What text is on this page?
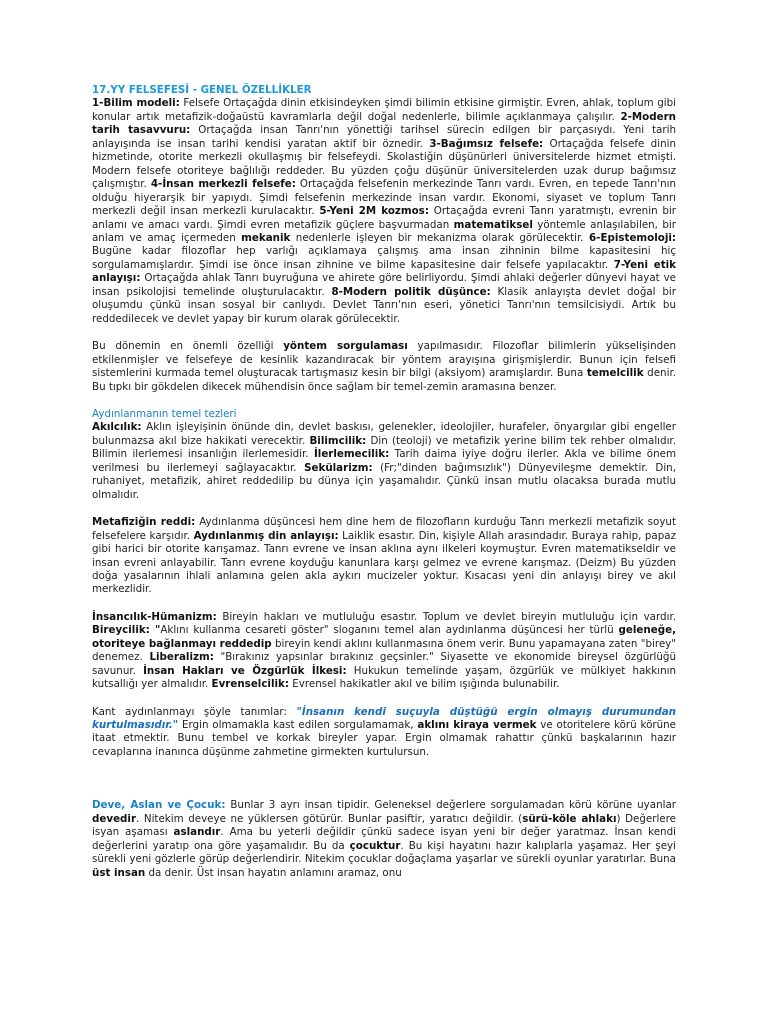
17.YY FELSEFESİ - GENEL ÖZELLİKLER

1-Bilim modeli: Felsefe Ortaçağda dinin etkisindeyken şimdi bilimin etkisine girmiştir. Evren, ahlak, toplum gibi konular artık metafizik-doğaüstü kavramlarla değil doğal nedenlerle, bilimle açıklanmaya çalışılır. 2-Modern tarih tasavvuru: Ortaçağda insan Tanrı'nın yönettiği tarihsel sürecin edilgen bir parçasıydı. Yeni tarih anlayışında ise insan tarihi kendisi yaratan aktif bir öznedir. 3-Bağımsız felsefe: Ortaçağda felsefe dinin hizmetinde, otorite merkezli okullaşmış bir felsefeydi. Skolastiğin düşünürleri üniversitelerde hizmet etmişti. Modern felsefe otoriteye bağlılığı reddeder. Bu yüzden çoğu düşünür üniversitelerden uzak durup bağımsız çalışmıştır. 4-İnsan merkezli felsefe: Ortaçağda felsefenin merkezinde Tanrı vardı. Evren, en tepede Tanrı'nın olduğu hiyerarşik bir yapıydı. Şimdi felsefenin merkezinde insan vardır. Ekonomi, siyaset ve toplum Tanrı merkezli değil insan merkezli kurulacaktır. 5-Yeni 2M kozmos: Ortaçağda evreni Tanrı yaratmıştı, evrenin bir anlamı ve amacı vardı. Şimdi evren metafizik güçlere başvurmadan matematiksel yöntemle anlaşılabilen, bir anlam ve amaç içermeden mekanik nedenlerle işleyen bir mekanizma olarak görülecektir. 6-Epistemoloji: Bugüne kadar filozoflar hep varlığı açıklamaya çalışmış ama insan zihninin bilme kapasitesini hiç sorgulamamışlardır. Şimdi ise önce insan zihnine ve bilme kapasitesine dair felsefe yapılacaktır. 7-Yeni etik anlayışı: Ortaçağda ahlak Tanrı buyruğuna ve ahirete göre belirliyordu. Şimdi ahlaki değerler dünyevi hayat ve insan psikolojisi temelinde oluşturulacaktır. 8-Modern politik düşünce: Klasik anlayışta devlet doğal bir oluşumdu çünkü insan sosyal bir canlıydı. Devlet Tanrı'nın eseri, yönetici Tanrı'nın temsilcisiydi. Artık bu reddedilecek ve devlet yapay bir kurum olarak görülecektir.

Bu dönemin en önemli özelliği yöntem sorgulaması yapılmasıdır. Filozoflar bilimlerin yükselişinden etkilenmişler ve felsefeye de kesinlik kazandıracak bir yöntem arayışına girişmişlerdir. Bunun için felsefi sistemlerini kurmada temel oluşturacak tartışmasız kesin bir bilgi (aksiyom) aramışlardır. Buna temelcilik denir. Bu tıpkı bir gökdelen dikecek mühendisin önce sağlam bir temel-zemin aramasına benzer.

Aydınlanmanın temel tezleri

Akılcılık: Aklın işleyişinin önünde din, devlet baskısı, gelenekler, ideolojiler, hurafeler, önyargılar gibi engeller bulunmazsa akıl bize hakikati verecektir. Bilimcilik: Din (teoloji) ve metafizik yerine bilim tek rehber olmalıdır. Bilimin ilerlemesi insanlığın ilerlemesidir. İlerlemecilik: Tarih daima iyiye doğru ilerler. Akla ve bilime önem verilmesi bu ilerlemeyi sağlayacaktır. Sekülarizm: (Fr;"dinden bağımsızlık") Dünyevileşme demektir. Din, ruhaniyet, metafizik, ahiret reddedilip bu dünya için yaşamalıdır. Çünkü insan mutlu olacaksa burada mutlu olmalıdır.

Metafiziğin reddi: Aydınlanma düşüncesi hem dine hem de filozofların kurduğu Tanrı merkezli metafizik soyut felsefelere karşıdır. Aydınlanmış din anlayışı: Laiklik esastır. Din, kişiyle Allah arasındadır. Buraya rahip, papaz gibi harici bir otorite karışamaz. Tanrı evrene ve insan aklına aynı ilkeleri koymuştur. Evren matematikseldir ve insan evreni anlayabilir. Tanrı evrene koyduğu kanunlara karşı gelmez ve evrene karışmaz. (Deizm) Bu yüzden doğa yasalarının ihlali anlamına gelen akla aykırı mucizeler yoktur. Kısacası yeni din anlayışı birey ve akıl merkezlidir.

İnsancılık-Hümanizm: Bireyin hakları ve mutluluğu esastır. Toplum ve devlet bireyin mutluluğu için vardır. Bireycilik: "Aklını kullanma cesareti göster" sloganını temel alan aydınlanma düşüncesi her türlü geleneğe, otoriteye bağlanmayı reddedip bireyin kendi aklını kullanmasına önem verir. Bunu yapamayana zaten "birey" denemez. Liberalizm: "Bırakınız yapsınlar bırakınız geçsinler." Siyasette ve ekonomide bireysel özgürlüğü savunur. İnsan Hakları ve Özgürlük İlkesi: Hukukun temelinde yaşam, özgürlük ve mülkiyet hakkının kutsallığı yer almalıdır. Evrenselcilik: Evrensel hakikatler akıl ve bilim ışığında bulunabilir.

Kant aydınlanmayı şöyle tanımlar: "İnsanın kendi suçuyla düştüğü ergin olmayış durumundan kurtulmasıdır." Ergin olmamakla kast edilen sorgulamamak, aklını kiraya vermek ve otoritelere körü körüne itaat etmektir. Bunu tembel ve korkak bireyler yapar. Ergin olmamak rahattır çünkü başkalarının hazır cevaplarına inanınca düşünme zahmetine girmekten kurtulursun.

Deve, Aslan ve Çocuk: Bunlar 3 ayrı insan tipidir. Geleneksel değerlere sorgulamadan körü körüne uyanlar devedir. Nitekim deveye ne yüklersen götürür. Bunlar pasiftir, yaratıcı değildir. (sürü-köle ahlakı) Değerlere isyan aşaması aslandır. Ama bu yeterli değildir çünkü sadece isyan yeni bir değer yaratmaz. İnsan kendi değerlerini yaratıp ona göre yaşamalıdır. Bu da çocuktur. Bu kişi hayatını hazır kalıplarla yaşamaz. Her şeyi sürekli yeni gözlerle görüp değerlendirir. Nitekim çocuklar doğaçlama yaşarlar ve sürekli oyunlar yaratırlar. Buna üst insan da denir. Üst insan hayatın anlamını aramaz, onu
